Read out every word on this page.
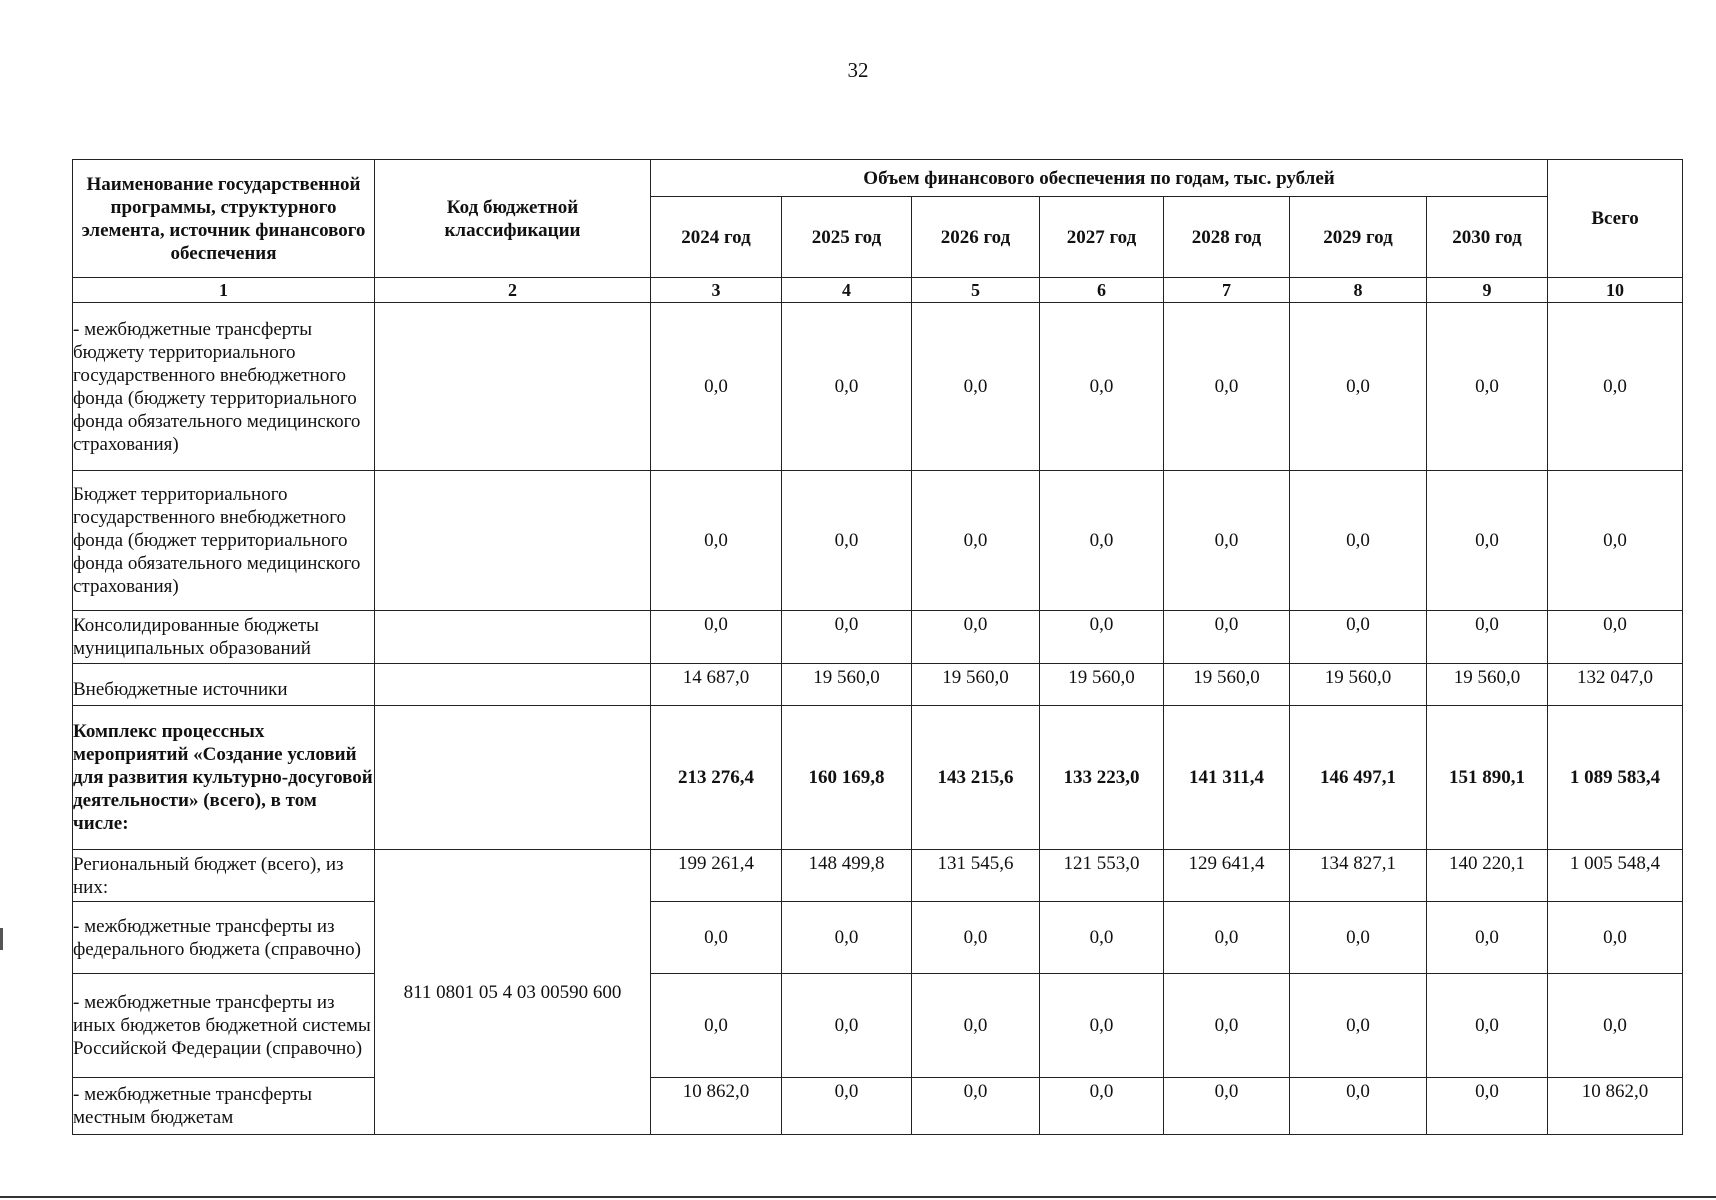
32
Наименование государственной программы, структурного элемента, источник финансового обеспечения	Код бюджетной классификации	Объем финансового обеспечения по годам, тыс. рублей							Всего
		2024 год	2025 год	2026 год	2027 год	2028 год	2029 год	2030 год	
1	2	3	4	5	6	7	8	9	10
- межбюджетные трансферты бюджету территориального государственного внебюджетного фонда (бюджету территориального фонда обязательного медицинского страхования)		0,0	0,0	0,0	0,0	0,0	0,0	0,0	0,0
Бюджет территориального государственного внебюджетного фонда (бюджет территориального фонда обязательного медицинского страхования)		0,0	0,0	0,0	0,0	0,0	0,0	0,0	0,0
Консолидированные бюджеты муниципальных образований		0,0	0,0	0,0	0,0	0,0	0,0	0,0	0,0
Внебюджетные источники		14 687,0	19 560,0	19 560,0	19 560,0	19 560,0	19 560,0	19 560,0	132 047,0
Комплекс процессных мероприятий «Создание условий для развития культурно-досуговой деятельности» (всего), в том числе:		213 276,4	160 169,8	143 215,6	133 223,0	141 311,4	146 497,1	151 890,1	1 089 583,4
Региональный бюджет (всего), из них:	811 0801 05 4 03 00590 600	199 261,4	148 499,8	131 545,6	121 553,0	129 641,4	134 827,1	140 220,1	1 005 548,4
- межбюджетные трансферты из федерального бюджета (справочно)		0,0	0,0	0,0	0,0	0,0	0,0	0,0	0,0
- межбюджетные трансферты из иных бюджетов бюджетной системы Российской Федерации (справочно)		0,0	0,0	0,0	0,0	0,0	0,0	0,0	0,0
- межбюджетные трансферты местным бюджетам		10 862,0	0,0	0,0	0,0	0,0	0,0	0,0	10 862,0
